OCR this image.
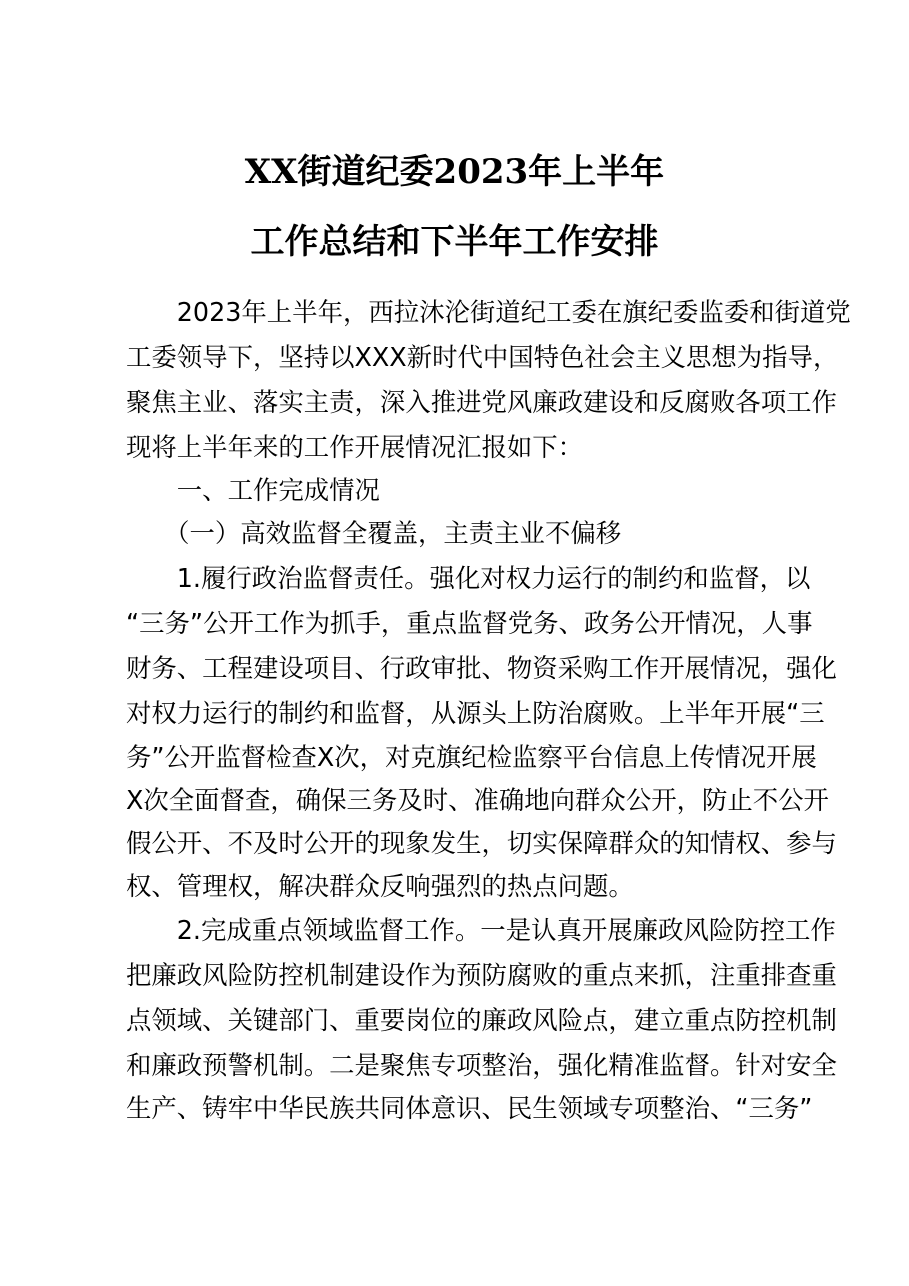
XX街道纪委2023年上半年
工作总结和下半年工作安排
　　2023年上半年，西拉沐沦街道纪工委在旗纪委监委和街道党
工委领导下，坚持以XXX新时代中国特色社会主义思想为指导，
聚焦主业、落实主责，深入推进党风廉政建设和反腐败各项工作
现将上半年来的工作开展情况汇报如下：
　　一、工作完成情况
　　（一）高效监督全覆盖，主责主业不偏移
　　1.履行政治监督责任。强化对权力运行的制约和监督，以
“三务”公开工作为抓手，重点监督党务、政务公开情况，人事
财务、工程建设项目、行政审批、物资采购工作开展情况，强化
对权力运行的制约和监督，从源头上防治腐败。上半年开展“三
务”公开监督检查X次，对克旗纪检监察平台信息上传情况开展
X次全面督查，确保三务及时、准确地向群众公开，防止不公开
假公开、不及时公开的现象发生，切实保障群众的知情权、参与
权、管理权，解决群众反响强烈的热点问题。
　　2.完成重点领域监督工作。一是认真开展廉政风险防控工作
把廉政风险防控机制建设作为预防腐败的重点来抓，注重排查重
点领域、关键部门、重要岗位的廉政风险点，建立重点防控机制
和廉政预警机制。二是聚焦专项整治，强化精准监督。针对安全
生产、铸牢中华民族共同体意识、民生领域专项整治、“三务”
